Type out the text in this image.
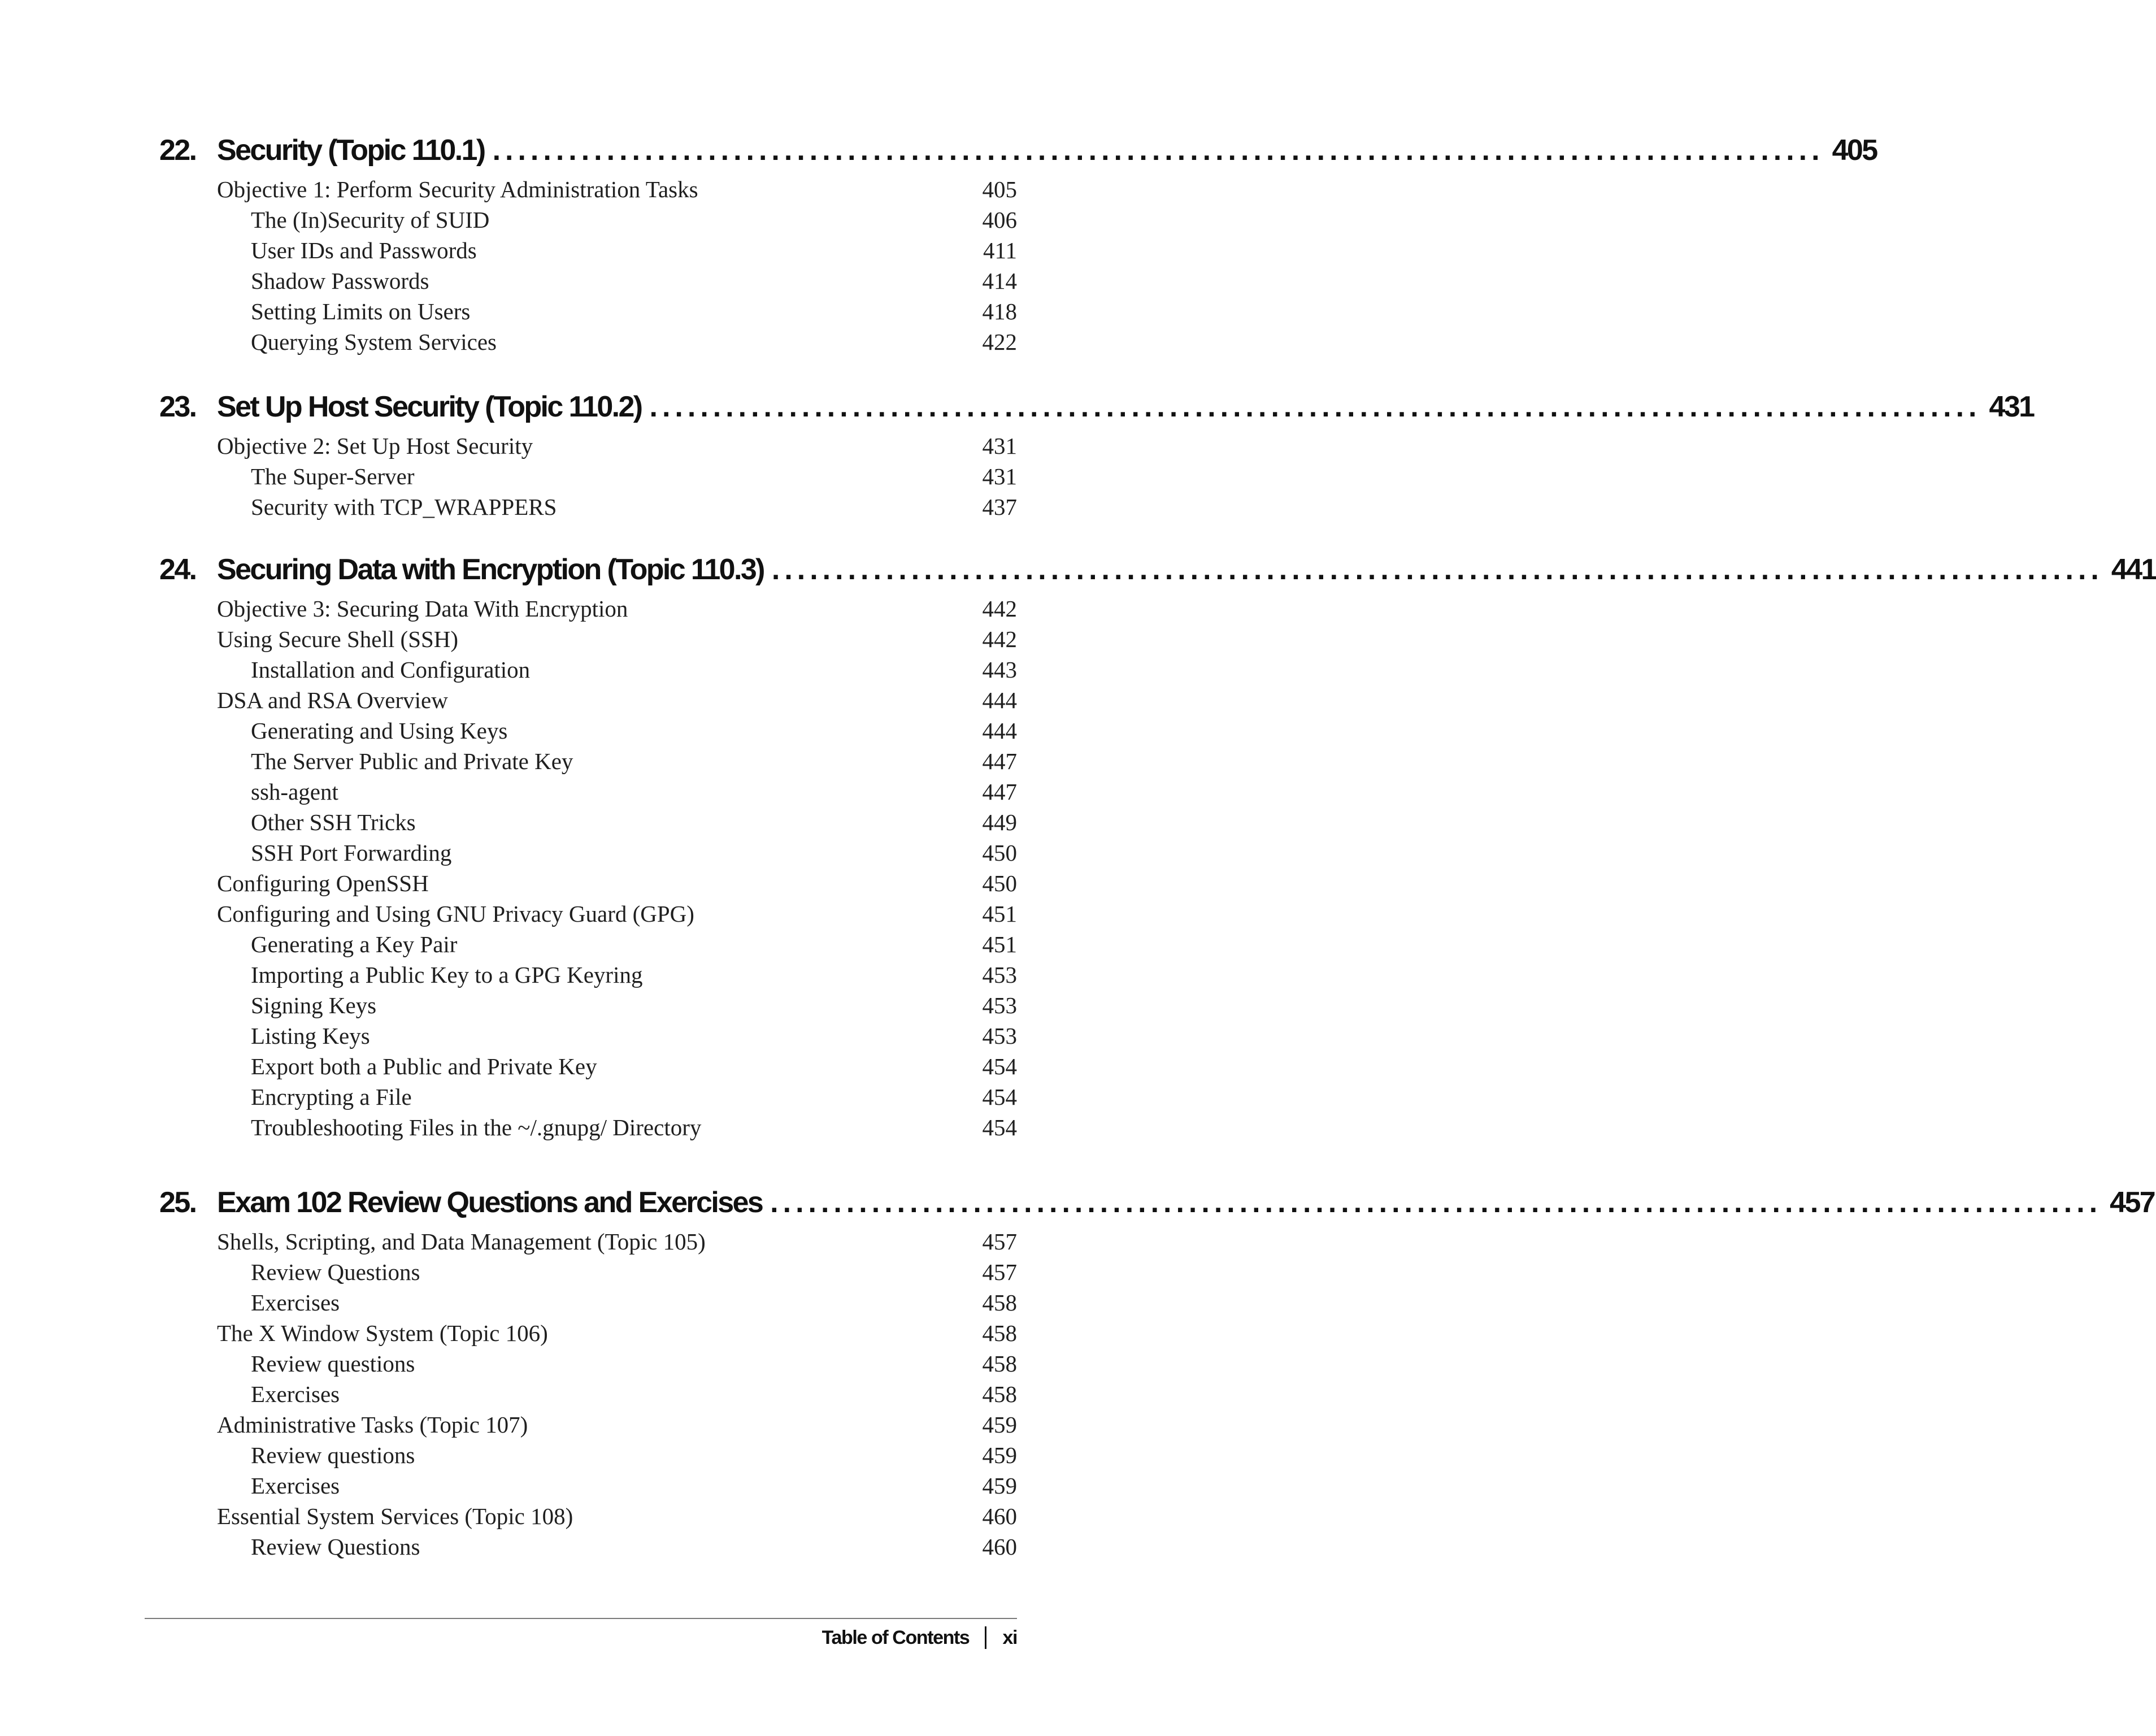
22. Security (Topic 110.1) ......................................................................................................... 405
Objective 1: Perform Security Administration Tasks	405
The (In)Security of SUID	406
User IDs and Passwords	411
Shadow Passwords	414
Setting Limits on Users	418
Querying System Services	422
23. Set Up Host Security (Topic 110.2) ......................................................................................................... 431
Objective 2: Set Up Host Security	431
The Super-Server	431
Security with TCP_WRAPPERS	437
24. Securing Data with Encryption (Topic 110.3) ......................................................................................................... 441
Objective 3: Securing Data With Encryption	442
Using Secure Shell (SSH)	442
Installation and Configuration	443
DSA and RSA Overview	444
Generating and Using Keys	444
The Server Public and Private Key	447
ssh-agent	447
Other SSH Tricks	449
SSH Port Forwarding	450
Configuring OpenSSH	450
Configuring and Using GNU Privacy Guard (GPG)	451
Generating a Key Pair	451
Importing a Public Key to a GPG Keyring	453
Signing Keys	453
Listing Keys	453
Export both a Public and Private Key	454
Encrypting a File	454
Troubleshooting Files in the ~/.gnupg/ Directory	454
25. Exam 102 Review Questions and Exercises ......................................................................................................... 457
Shells, Scripting, and Data Management (Topic 105)	457
Review Questions	457
Exercises	458
The X Window System (Topic 106)	458
Review questions	458
Exercises	458
Administrative Tasks (Topic 107)	459
Review questions	459
Exercises	459
Essential System Services (Topic 108)	460
Review Questions	460
Table of Contents xi
